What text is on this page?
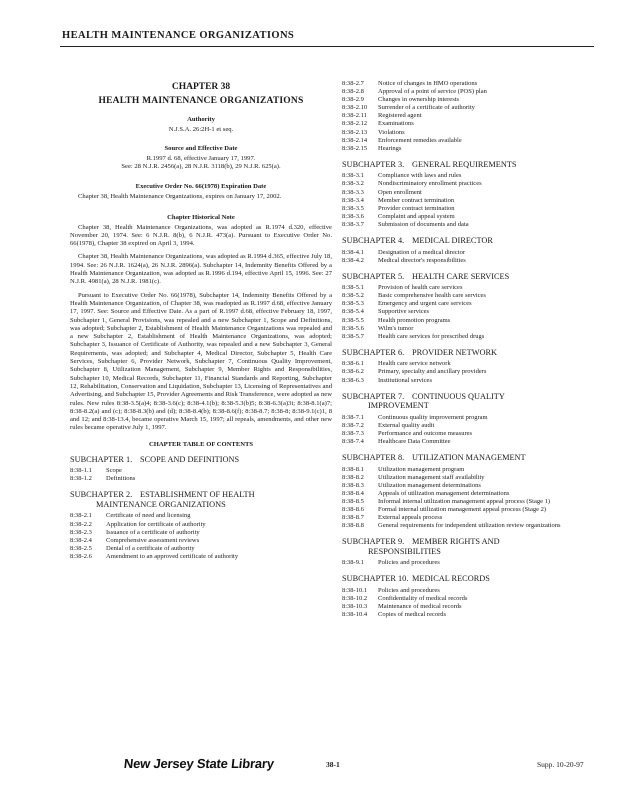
HEALTH MAINTENANCE ORGANIZATIONS
CHAPTER 38
HEALTH MAINTENANCE ORGANIZATIONS
Authority
N.J.S.A. 26:2H-1 et seq.
Source and Effective Date
R.1997 d. 68, effective January 17, 1997.
See: 28 N.J.R. 2456(a), 28 N.J.R. 3118(b), 29 N.J.R. 625(a).
Executive Order No. 66(1978) Expiration Date
Chapter 38, Health Maintenance Organizations, expires on January 17, 2002.
Chapter Historical Note
Chapter 38, Health Maintenance Organizations, was adopted as R.1974 d.320, effective November 20, 1974. See: 6 N.J.R. 8(b), 6 N.J.R. 473(a). Pursuant to Executive Order No. 66(1978), Chapter 38 expired on April 3, 1994.
Chapter 38, Health Maintenance Organizations, was adopted as R.1994 d.365, effective July 18, 1994. See: 26 N.J.R. 1624(a), 26 N.J.R. 2896(a). Subchapter 14, Indemnity Benefits Offered by a Health Maintenance Organization, was adopted as R.1996 d.194, effective April 15, 1996. See: 27 N.J.R. 4981(a), 28 N.J.R. 1981(c).
Pursuant to Executive Order No. 66(1978), Subchapter 14, Indemnity Benefits Offered by a Health Maintenance Organization, of Chapter 38, was readopted as R.1997 d.68, effective January 17, 1997. See: Source and Effective Date. As a part of R.1997 d.68, effective February 18, 1997, Subchapter 1, General Provisions, was repealed and a new Subchapter 1, Scope and Definitions, was adopted; Subchapter 2, Establishment of Health Maintenance Organizations was repealed and a new Subchapter 2, Establishment of Health Maintenance Organizations, was adopted; Subchapter 3, Issuance of Certificate of Authority, was repealed and a new Subchapter 3, General Requirements, was adopted; and Subchapter 4, Medical Director, Subchapter 5, Health Care Services, Subchapter 6, Provider Network, Subchapter 7, Continuous Quality Improvement, Subchapter 8, Utilization Management, Subchapter 9, Member Rights and Responsibilities, Subchapter 10, Medical Records, Subchapter 11, Financial Standards and Reporting, Subchapter 12, Rehabilitation, Conservation and Liquidation, Subchapter 13, Licensing of Representatives and Advertising, and Subchapter 15, Provider Agreements and Risk Transference, were adopted as new rules. New rules 8:38-3.5(a)4; 8:38-3.6(c); 8:38-4.1(b); 8:38-5.3(b)5; 8:38-6.3(a)3i; 8:38-8.1(a)7; 8:38-8.2(a) and (c); 8:38-8.3(b) and (d); 8:38-8.4(b); 8:38-8.6(f); 8:38-8.7; 8:38-8; 8:38-9.1(c)1, 8 and 12; and 8:38-13.4, became operative March 15, 1997; all repeals, amendments, and other new rules became operative July 1, 1997.
CHAPTER TABLE OF CONTENTS
SUBCHAPTER 1. SCOPE AND DEFINITIONS
8:38-1.1	Scope
8:38-1.2	Definitions
SUBCHAPTER 2. ESTABLISHMENT OF HEALTH
MAINTENANCE ORGANIZATIONS
8:38-2.1	Certificate of need and licensing
8:38-2.2	Application for certificate of authority
8:38-2.3	Issuance of a certificate of authority
8:38-2.4	Comprehensive assessment reviews
8:38-2.5	Denial of a certificate of authority
8:38-2.6	Amendment to an approved certificate of authority
8:38-2.7	Notice of changes in HMO operations
8:38-2.8	Approval of a point of service (POS) plan
8:38-2.9	Changes in ownership interests
8:38-2.10	Surrender of a certificate of authority
8:38-2.11	Registered agent
8:38-2.12	Examinations
8:38-2.13	Violations
8:38-2.14	Enforcement remedies available
8:38-2.15	Hearings
SUBCHAPTER 3. GENERAL REQUIREMENTS
8:38-3.1	Compliance with laws and rules
8:38-3.2	Nondiscriminatory enrollment practices
8:38-3.3	Open enrollment
8:38-3.4	Member contract termination
8:38-3.5	Provider contract termination
8:38-3.6	Complaint and appeal system
8:38-3.7	Submission of documents and data
SUBCHAPTER 4. MEDICAL DIRECTOR
8:38-4.1	Designation of a medical director
8:38-4.2	Medical director's responsibilities
SUBCHAPTER 5. HEALTH CARE SERVICES
8:38-5.1	Provision of health care services
8:38-5.2	Basic comprehensive health care services
8:38-5.3	Emergency and urgent care services
8:38-5.4	Supportive services
8:38-5.5	Health promotion programs
8:38-5.6	Wilm's tumor
8:38-5.7	Health care services for prescribed drugs
SUBCHAPTER 6. PROVIDER NETWORK
8:38-6.1	Health care service network
8:38-6.2	Primary, specialty and ancillary providers
8:38-6.3	Institutional services
SUBCHAPTER 7. CONTINUOUS QUALITY
IMPROVEMENT
8:38-7.1	Continuous quality improvement program
8:38-7.2	External quality audit
8:38-7.3	Performance and outcome measures
8:38-7.4	Healthcare Data Committee
SUBCHAPTER 8. UTILIZATION MANAGEMENT
8:38-8.1	Utilization management program
8:38-8.2	Utilization management staff availability
8:38-8.3	Utilization management determinations
8:38-8.4	Appeals of utilization management determinations
8:38-8.5	Informal internal utilization management appeal process (Stage 1)
8:38-8.6	Formal internal utilization management appeal process (Stage 2)
8:38-8.7	External appeals process
8:38-8.8	General requirements for independent utilization review organizations
SUBCHAPTER 9. MEMBER RIGHTS AND
RESPONSIBILITIES
8:38-9.1	Policies and procedures
SUBCHAPTER 10. MEDICAL RECORDS
8:38-10.1	Policies and procedures
8:38-10.2	Confidentiality of medical records
8:38-10.3	Maintenance of medical records
8:38-10.4	Copies of medical records
New Jersey State Library	38-1	Supp. 10-20-97
